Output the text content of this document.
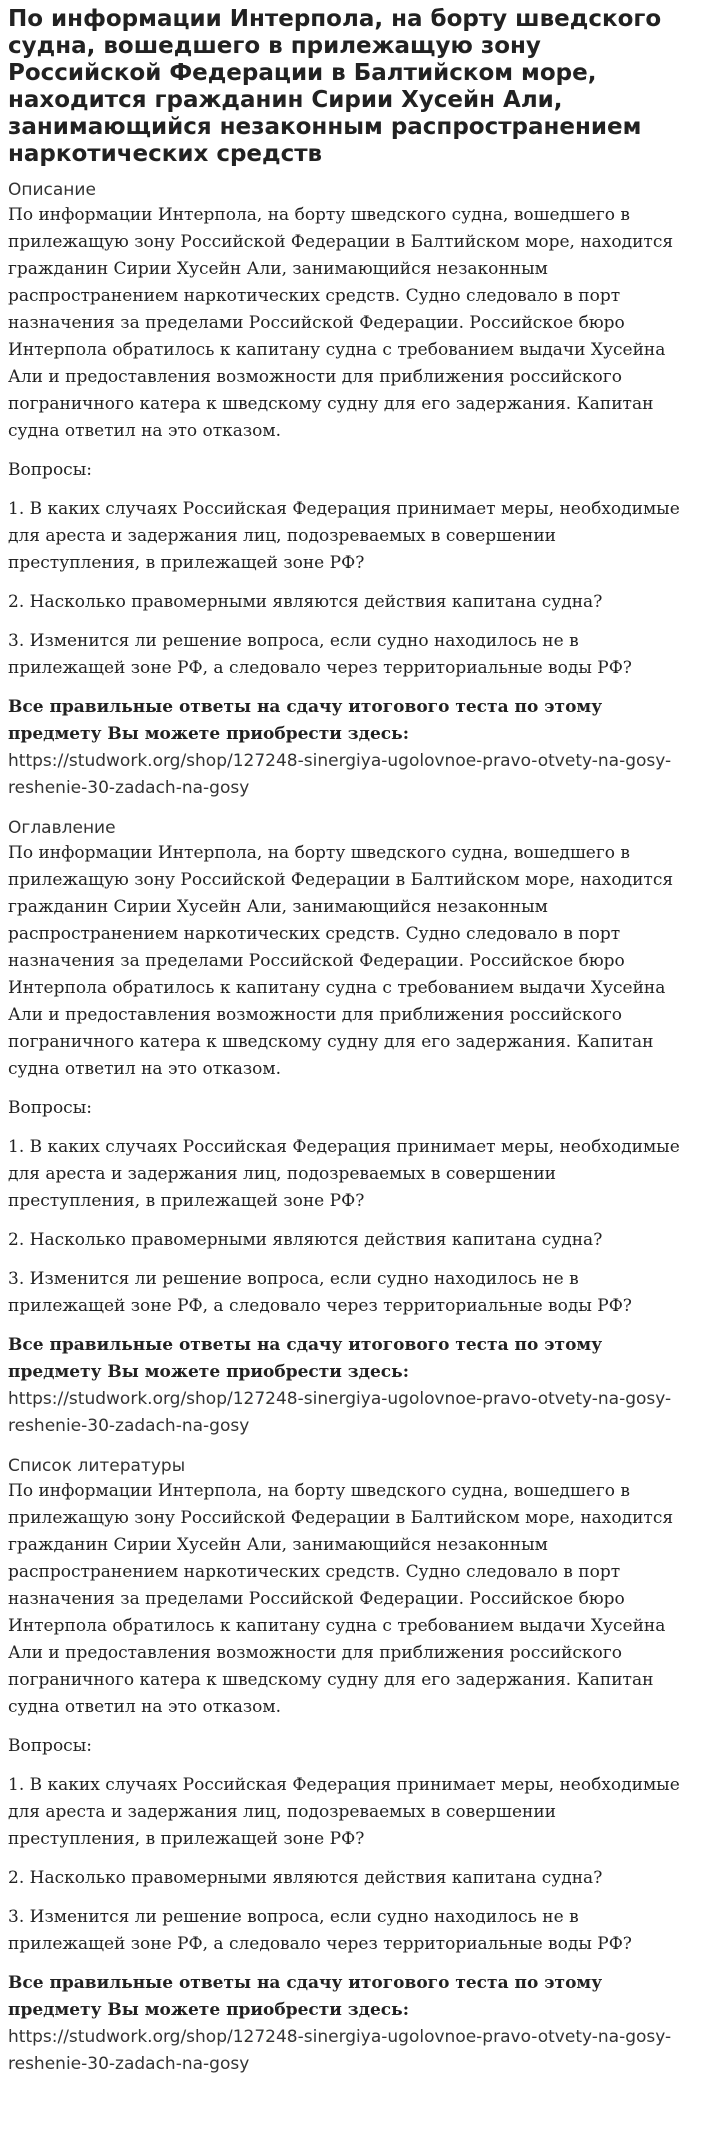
По информации Интерпола, на борту шведского судна, вошедшего в прилежащую зону Российской Федерации в Балтийском море, находится гражданин Сирии Хусейн Али, занимающийся незаконным распространением наркотических средств
Описание

По информации Интерпола, на борту шведского судна, вошедшего в прилежащую зону Российской Федерации в Балтийском море, находится гражданин Сирии Хусейн Али, занимающийся незаконным распространением наркотических средств. Судно следовало в порт назначения за пределами Российской Федерации. Российское бюро Интерпола обратилось к капитану судна с требованием выдачи Хусейна Али и предоставления возможности для приближения российского пограничного катера к шведскому судну для его задержания. Капитан судна ответил на это отказом.

Вопросы:

1. В каких случаях Российская Федерация принимает меры, необходимые для ареста и задержания лиц, подозреваемых в совершении преступления, в прилежащей зоне РФ?

2. Насколько правомерными являются действия капитана судна?

3. Изменится ли решение вопроса, если судно находилось не в прилежащей зоне РФ, а следовало через территориальные воды РФ?

Все правильные ответы на сдачу итогового теста по этому предмету Вы можете приобрести здесь: https://studwork.org/shop/127248-sinergiya-ugolovnoe-pravo-otvety-na-gosy-reshenie-30-zadach-na-gosy

Оглавление

По информации Интерпола, на борту шведского судна, вошедшего в прилежащую зону Российской Федерации в Балтийском море, находится гражданин Сирии Хусейн Али, занимающийся незаконным распространением наркотических средств. Судно следовало в порт назначения за пределами Российской Федерации. Российское бюро Интерпола обратилось к капитану судна с требованием выдачи Хусейна Али и предоставления возможности для приближения российского пограничного катера к шведскому судну для его задержания. Капитан судна ответил на это отказом.

Вопросы:

1. В каких случаях Российская Федерация принимает меры, необходимые для ареста и задержания лиц, подозреваемых в совершении преступления, в прилежащей зоне РФ?

2. Насколько правомерными являются действия капитана судна?

3. Изменится ли решение вопроса, если судно находилось не в прилежащей зоне РФ, а следовало через территориальные воды РФ?

Все правильные ответы на сдачу итогового теста по этому предмету Вы можете приобрести здесь: https://studwork.org/shop/127248-sinergiya-ugolovnoe-pravo-otvety-na-gosy-reshenie-30-zadach-na-gosy

Список литературы

По информации Интерпола, на борту шведского судна, вошедшего в прилежащую зону Российской Федерации в Балтийском море, находится гражданин Сирии Хусейн Али, занимающийся незаконным распространением наркотических средств. Судно следовало в порт назначения за пределами Российской Федерации. Российское бюро Интерпола обратилось к капитану судна с требованием выдачи Хусейна Али и предоставления возможности для приближения российского пограничного катера к шведскому судну для его задержания. Капитан судна ответил на это отказом.

Вопросы:

1. В каких случаях Российская Федерация принимает меры, необходимые для ареста и задержания лиц, подозреваемых в совершении преступления, в прилежащей зоне РФ?

2. Насколько правомерными являются действия капитана судна?

3. Изменится ли решение вопроса, если судно находилось не в прилежащей зоне РФ, а следовало через территориальные воды РФ?

Все правильные ответы на сдачу итогового теста по этому предмету Вы можете приобрести здесь: https://studwork.org/shop/127248-sinergiya-ugolovnoe-pravo-otvety-na-gosy-reshenie-30-zadach-na-gosy
